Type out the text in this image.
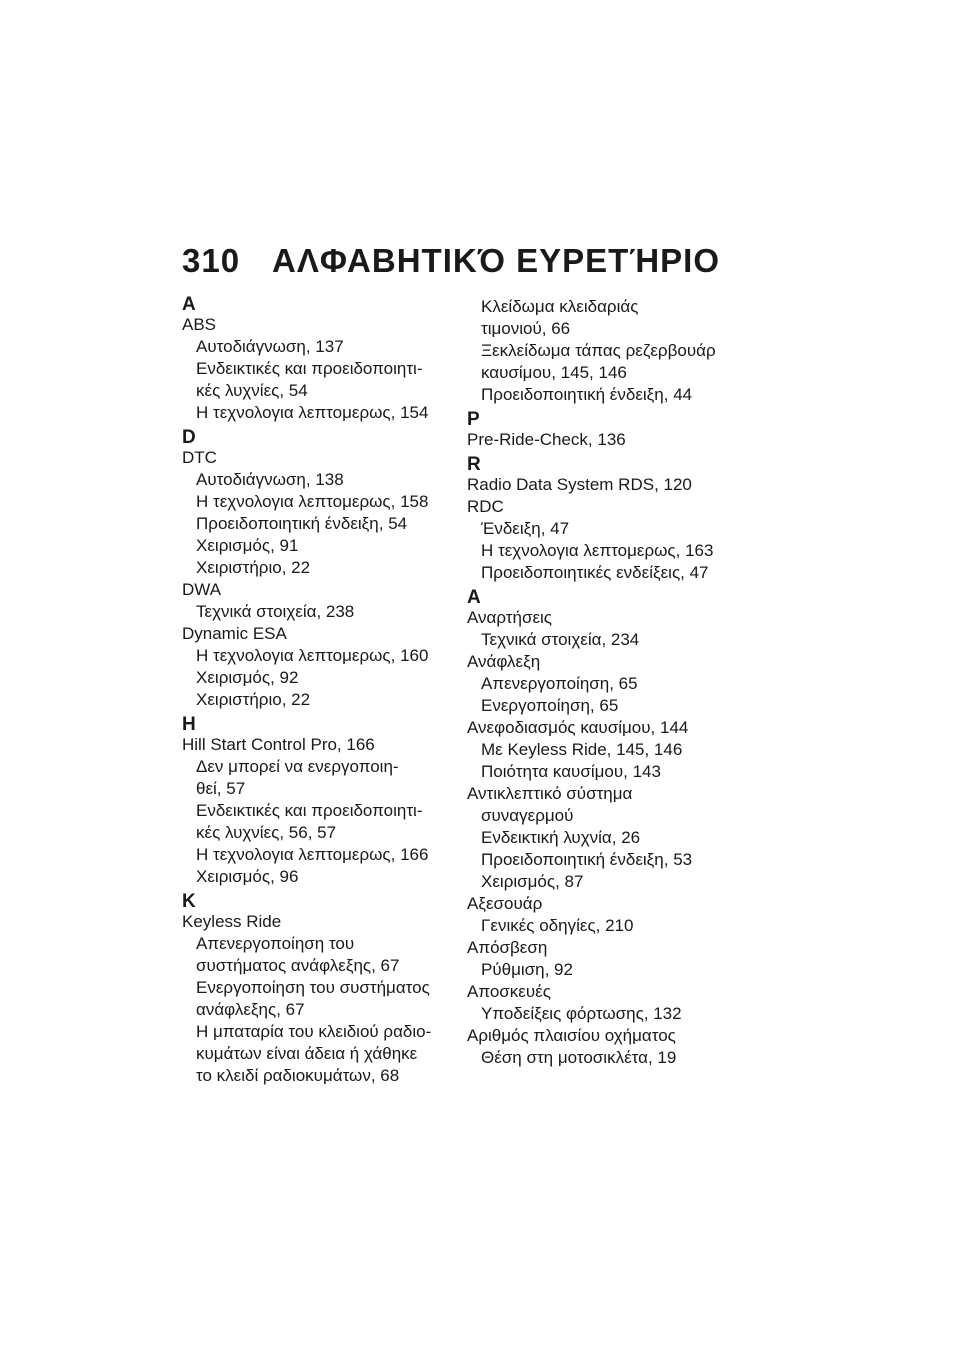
310 ΑΛΦΑΒΗΤΙΚΌ ΕΥΡΕΤΉΡΙΟ
A
ABS
Αυτοδιάγνωση, 137
Ενδεικτικές και προειδοποιητι-
κές λυχνίες, 54
Η τεχνολογια λεπτομερως, 154
D
DTC
Αυτοδιάγνωση, 138
Η τεχνολογια λεπτομερως, 158
Προειδοποιητική ένδειξη, 54
Χειρισμός, 91
Χειριστήριο, 22
DWA
Τεχνικά στοιχεία, 238
Dynamic ESA
Η τεχνολογια λεπτομερως, 160
Χειρισμός, 92
Χειριστήριο, 22
H
Hill Start Control Pro, 166
Δεν μπορεί να ενεργοποιη-
θεί, 57
Ενδεικτικές και προειδοποιητι-
κές λυχνίες, 56, 57
Η τεχνολογια λεπτομερως, 166
Χειρισμός, 96
K
Keyless Ride
Απενεργοποίηση του
συστήματος ανάφλεξης, 67
Ενεργοποίηση του συστήματος
ανάφλεξης, 67
Η μπαταρία του κλειδιού ραδιο-
κυμάτων είναι άδεια ή χάθηκε
το κλειδί ραδιοκυμάτων, 68
Κλείδωμα κλειδαριάς
τιμονιού, 66
Ξεκλείδωμα τάπας ρεζερβουάρ
καυσίμου, 145, 146
Προειδοποιητική ένδειξη, 44
P
Pre-Ride-Check, 136
R
Radio Data System RDS, 120
RDC
Ένδειξη, 47
Η τεχνολογια λεπτομερως, 163
Προειδοποιητικές ενδείξεις, 47
Α
Αναρτήσεις
Τεχνικά στοιχεία, 234
Ανάφλεξη
Απενεργοποίηση, 65
Ενεργοποίηση, 65
Ανεφοδιασμός καυσίμου, 144
Με Keyless Ride, 145, 146
Ποιότητα καυσίμου, 143
Αντικλεπτικό σύστημα
συναγερμού
Ενδεικτική λυχνία, 26
Προειδοποιητική ένδειξη, 53
Χειρισμός, 87
Αξεσουάρ
Γενικές οδηγίες, 210
Απόσβεση
Ρύθμιση, 92
Αποσκευές
Υποδείξεις φόρτωσης, 132
Αριθμός πλαισίου οχήματος
Θέση στη μοτοσικλέτα, 19
